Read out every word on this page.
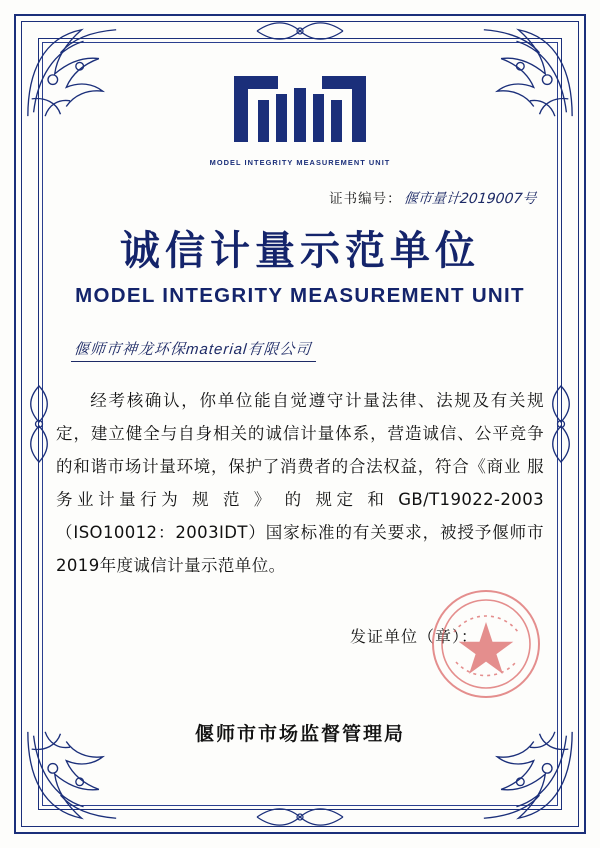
MODEL INTEGRITY MEASUREMENT UNIT
证书编号：偃市量计2019007号
诚信计量示范单位
MODEL INTEGRITY MEASUREMENT UNIT
偃师市神龙环保material有限公司
经考核确认，你单位能自觉遵守计量法律、法规及有关规定，建立健全与自身相关的诚信计量体系，营造诚信、公平竞争的和谐市场计量环境，保护了消费者的合法权益，符合《商业 服务业计量行为 规 范 》 的 规定 和 GB/T19022-2003（ISO10012：2003IDT）国家标准的有关要求，被授予偃师市2019年度诚信计量示范单位。
发证单位（章）：
偃师市市场监督管理局
